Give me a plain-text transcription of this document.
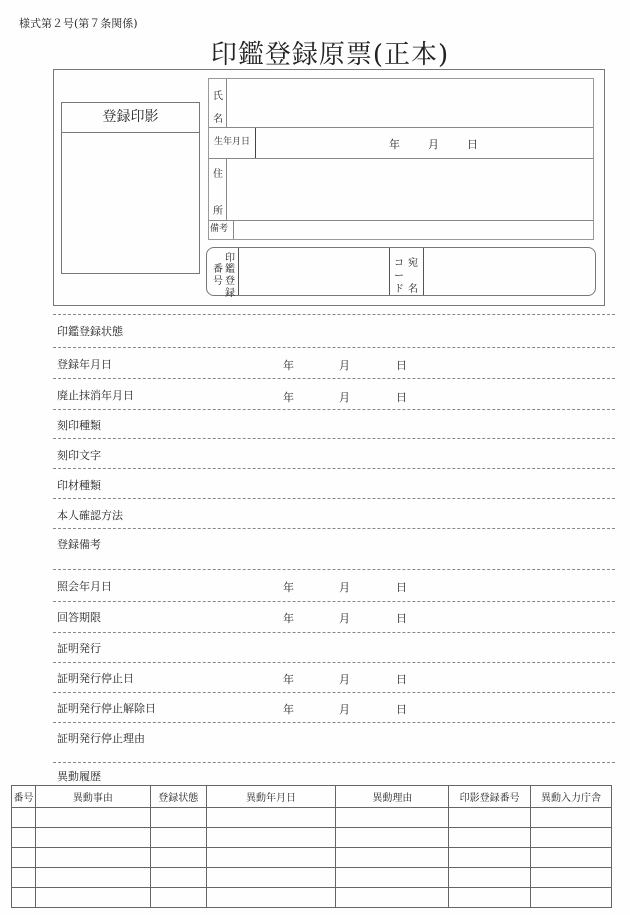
様式第２号(第７条関係)
印鑑登録原票(正本)
登録印影
氏
名
生年月日	年	月	日
住
所
備考
番
号
印
鑑
登
録
コ
ー
ド
宛
名
印鑑登録状態
登録年月日	年	月	日
廃止抹消年月日	年	月	日
刻印種類
刻印文字
印材種類
本人確認方法
登録備考
照会年月日	年	月	日
回答期限	年	月	日
証明発行
証明発行停止日	年	月	日
証明発行停止解除日	年	月	日
証明発行停止理由
異動履歴
番号	異動事由	登録状態	異動年月日	異動理由	印影登録番号	異動入力庁舎
